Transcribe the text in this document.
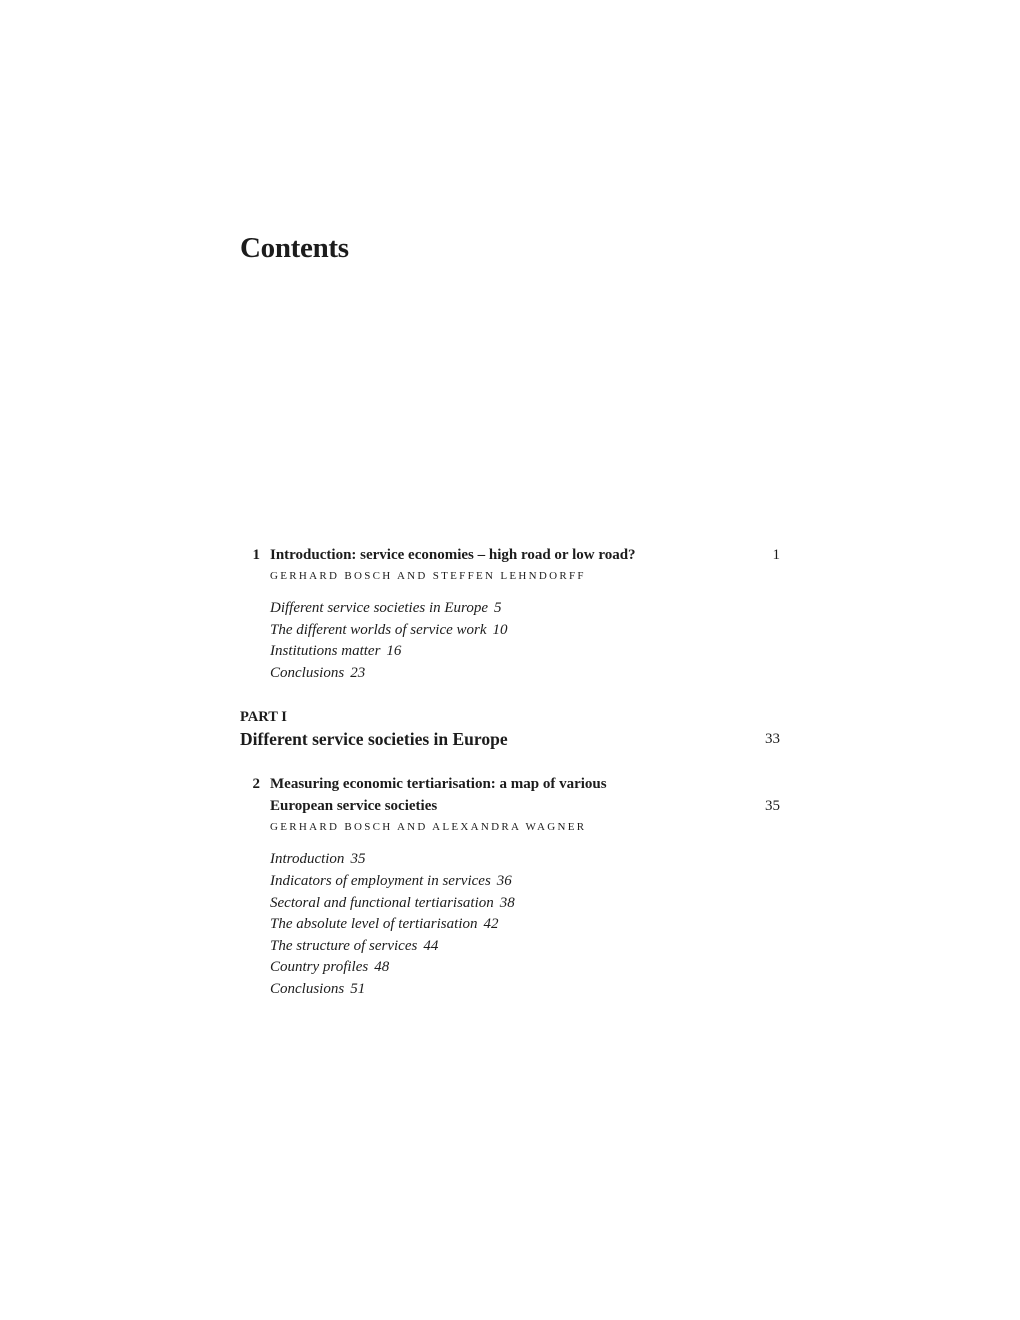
Contents
1 Introduction: service economies – high road or low road?	1
GERHARD BOSCH AND STEFFEN LEHNDORFF
Different service societies in Europe 5
The different worlds of service work 10
Institutions matter 16
Conclusions 23
PART I
Different service societies in Europe	33
2 Measuring economic tertiarisation: a map of various
European service societies	35
GERHARD BOSCH AND ALEXANDRA WAGNER
Introduction 35
Indicators of employment in services 36
Sectoral and functional tertiarisation 38
The absolute level of tertiarisation 42
The structure of services 44
Country profiles 48
Conclusions 51
